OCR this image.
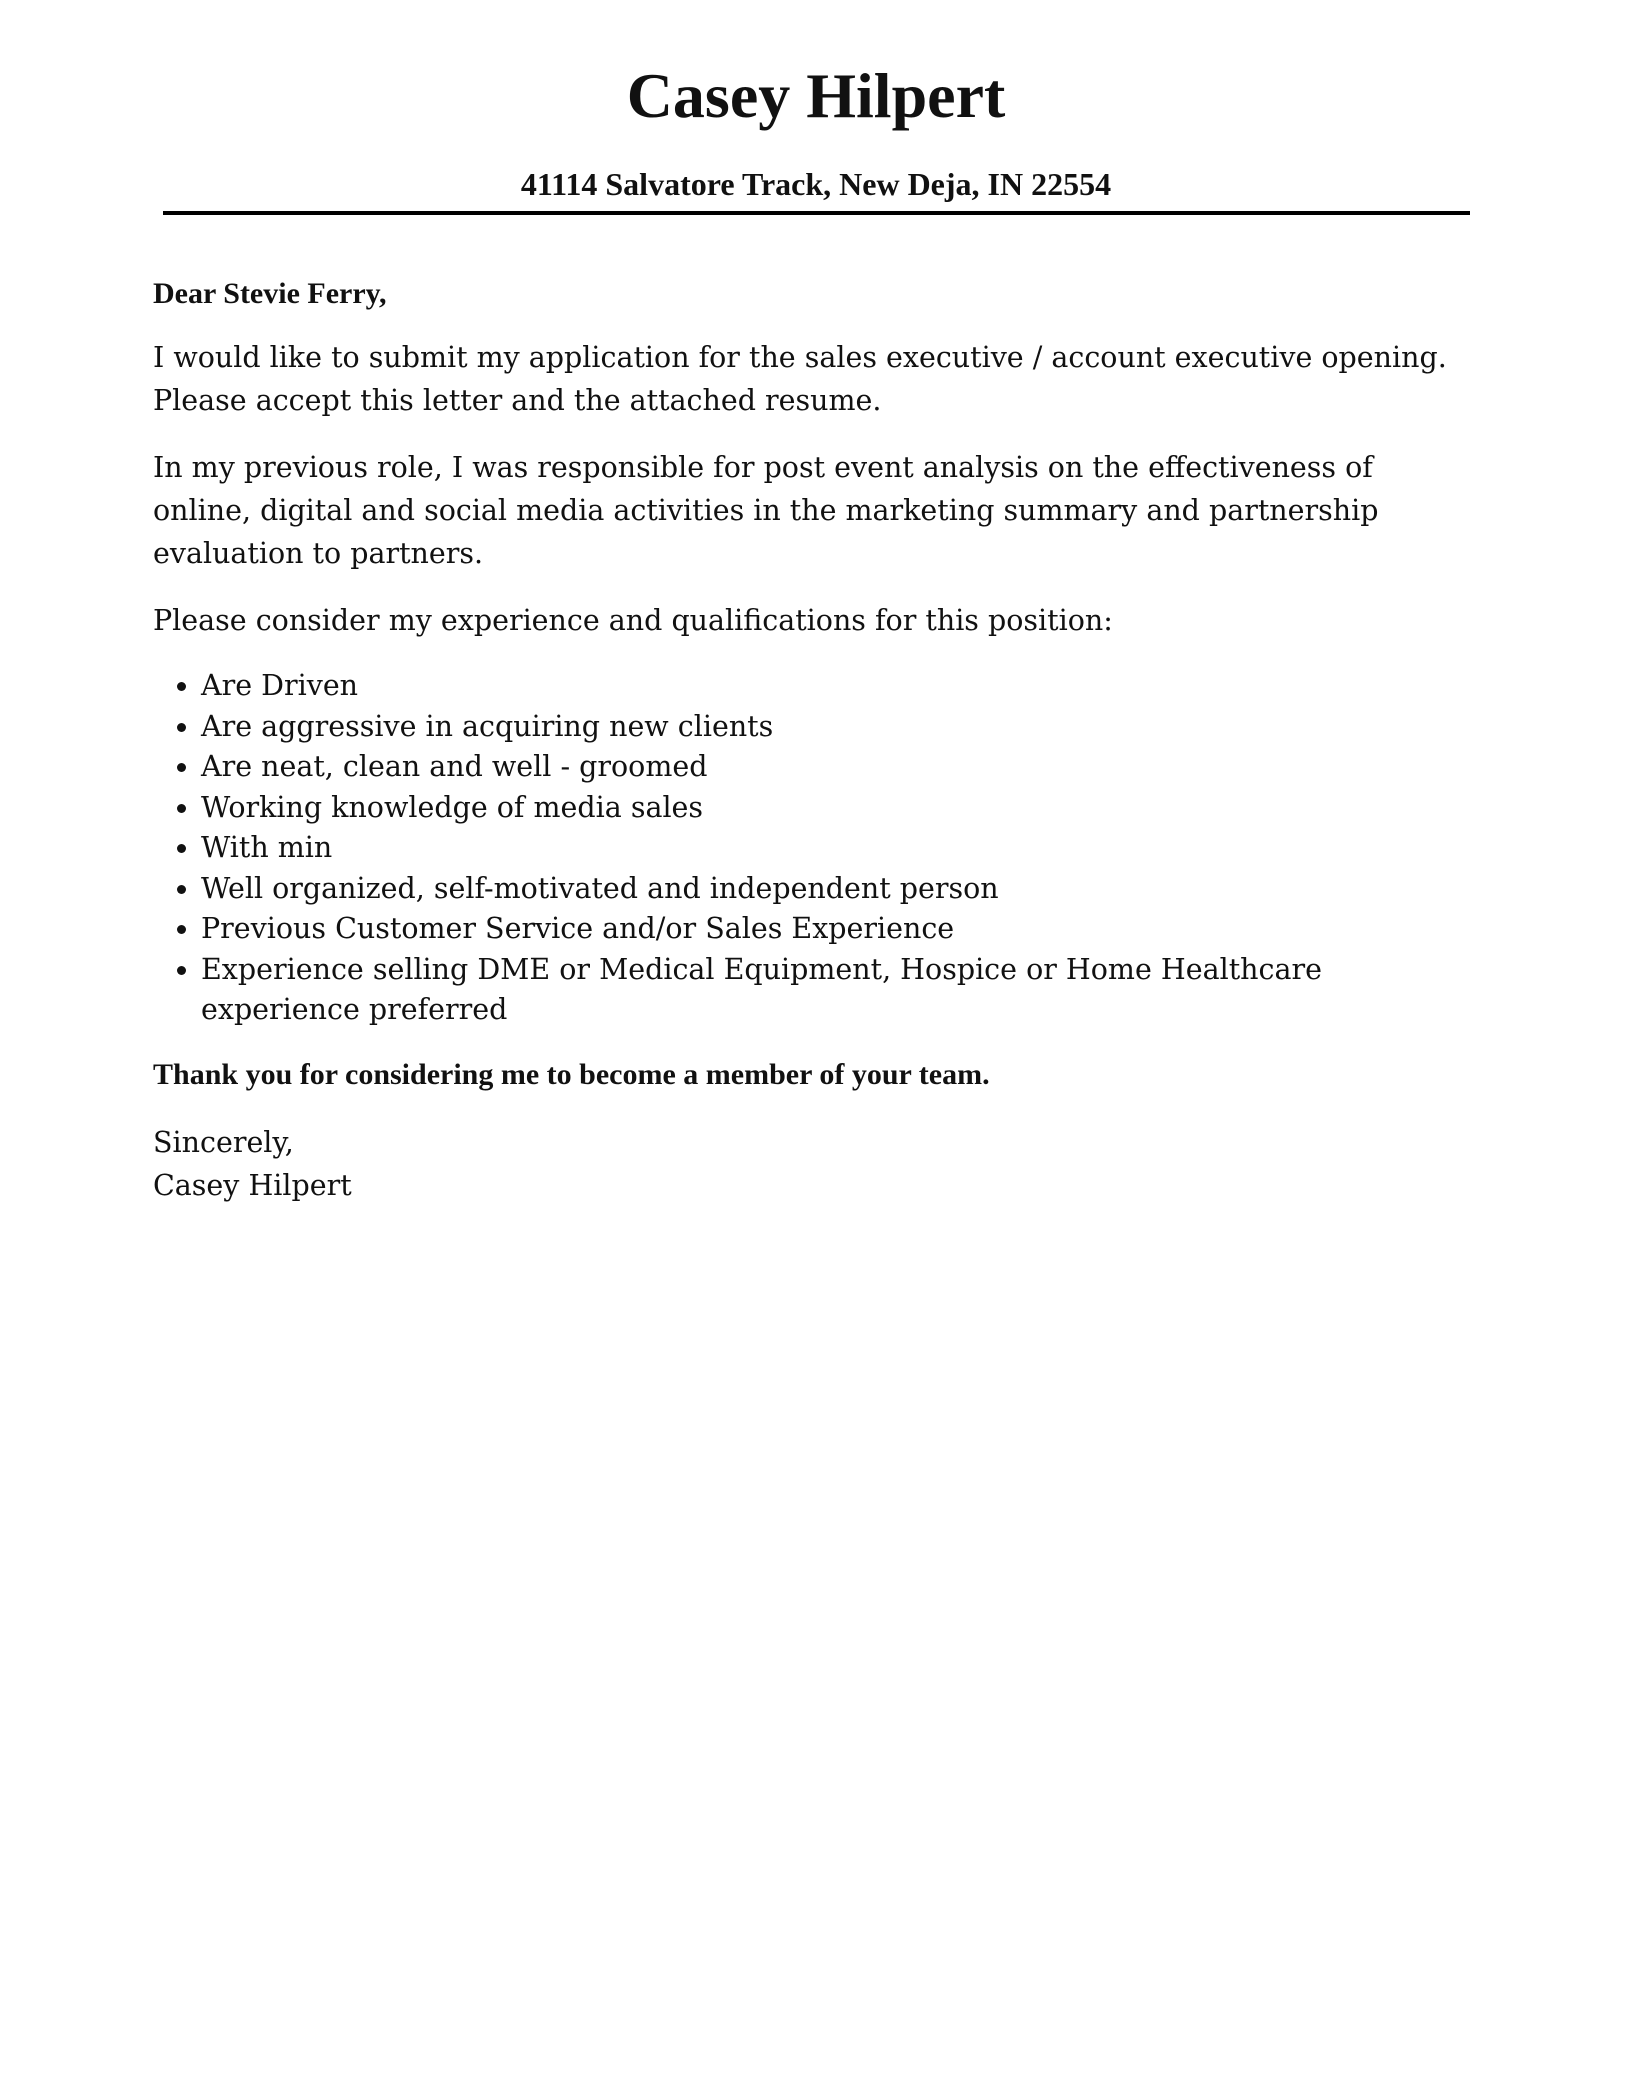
Casey Hilpert
41114 Salvatore Track, New Deja, IN 22554

Dear Stevie Ferry,

I would like to submit my application for the sales executive / account executive opening. Please accept this letter and the attached resume.

In my previous role, I was responsible for post event analysis on the effectiveness of online, digital and social media activities in the marketing summary and partnership evaluation to partners.

Please consider my experience and qualifications for this position:

• Are Driven
• Are aggressive in acquiring new clients
• Are neat, clean and well - groomed
• Working knowledge of media sales
• With min
• Well organized, self-motivated and independent person
• Previous Customer Service and/or Sales Experience
• Experience selling DME or Medical Equipment, Hospice or Home Healthcare experience preferred

Thank you for considering me to become a member of your team.

Sincerely,

Casey Hilpert
